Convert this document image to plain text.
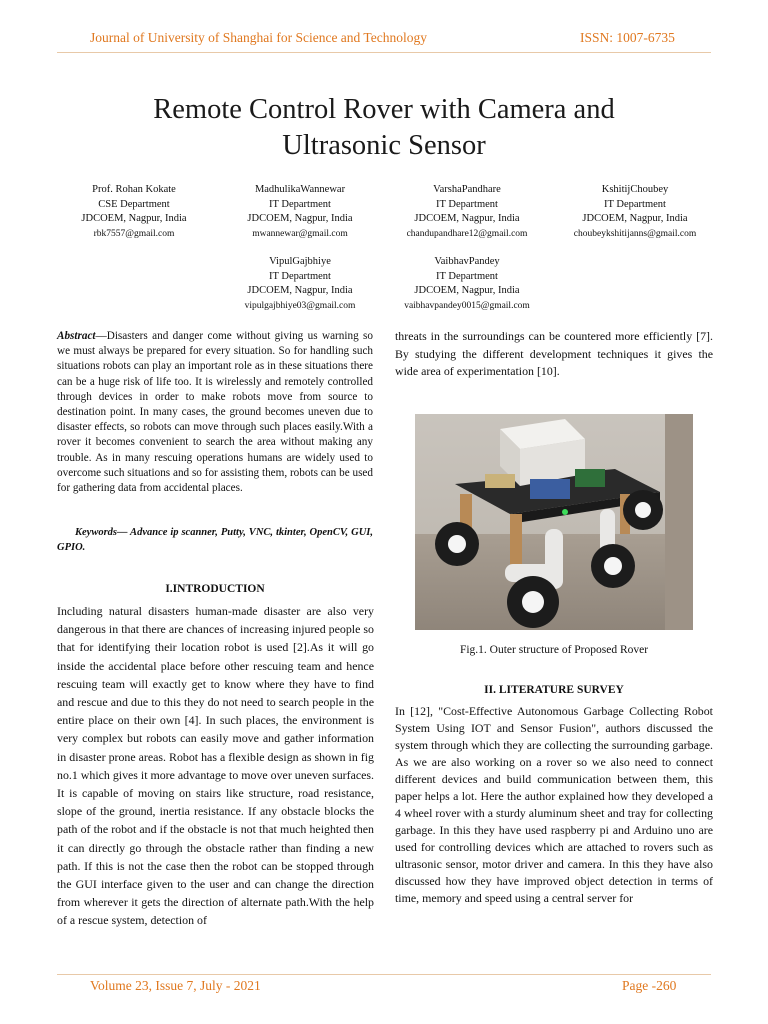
Journal of University of Shanghai for Science and Technology	ISSN: 1007-6735
Remote Control Rover with Camera and
Ultrasonic Sensor
Prof. Rohan Kokate
CSE Department
JDCOEM, Nagpur, India
rbk7557@gmail.com
MadhulikaWannewar
IT Department
JDCOEM, Nagpur, India
mwannewar@gmail.com
VarshaPandhare
IT Department
JDCOEM, Nagpur, India
chandupandhare12@gmail.com
KshitijChoubey
IT Department
JDCOEM, Nagpur, India
choubeykshitijanns@gmail.com
VipulGajbhiye
IT Department
JDCOEM, Nagpur, India
vipulgajbhiye03@gmail.com
VaibhavPandey
IT Department
JDCOEM, Nagpur, India
vaibhavpandey0015@gmail.com
Abstract—Disasters and danger come without giving us warning so we must always be prepared for every situation. So for handling such situations robots can play an important role as in these situations there can be a huge risk of life too. It is wirelessly and remotely controlled through devices in order to make robots move from source to destination point. In many cases, the ground becomes uneven due to disaster effects, so robots can move through such places easily.With a rover it becomes convenient to search the area without making any trouble. As in many rescuing operations humans are widely used to overcome such situations and so for assisting them, robots can be used for gathering data from accidental places.
Keywords— Advance ip scanner, Putty, VNC, tkinter, OpenCV, GUI, GPIO.
I.INTRODUCTION
Including natural disasters human-made disaster are also very dangerous in that there are chances of increasing injured people so that for identifying their location robot is used [2].As it will go inside the accidental place before other rescuing team and hence rescuing team will exactly get to know where they have to find and rescue and due to this they do not need to search people in the entire place on their own [4]. In such places, the environment is very complex but robots can easily move and gather information in disaster prone areas. Robot has a flexible design as shown in fig no.1 which gives it more advantage to move over uneven surfaces. It is capable of moving on stairs like structure, road resistance, slope of the ground, inertia resistance. If any obstacle blocks the path of the robot and if the obstacle is not that much heighted then it can directly go through the obstacle rather than finding a new path. If this is not the case then the robot can be stopped through the GUI interface given to the user and can change the direction from wherever it gets the direction of alternate path.With the help of a rescue system, detection of
threats in the surroundings can be countered more efficiently [7]. By studying the different development techniques it gives the wide area of experimentation [10].
Fig.1. Outer structure of Proposed Rover
II. LITERATURE SURVEY
In [12], "Cost-Effective Autonomous Garbage Collecting Robot System Using IOT and Sensor Fusion", authors discussed the system through which they are collecting the surrounding garbage. As we are also working on a rover so we also need to connect different devices and build communication between them, this paper helps a lot. Here the author explained how they developed a 4 wheel rover with a sturdy aluminum sheet and tray for collecting garbage. In this they have used raspberry pi and Arduino uno are used for controlling devices which are attached to rovers such as ultrasonic sensor, motor driver and camera. In this they have also discussed how they have improved object detection in terms of time, memory and speed using a central server for
Volume 23, Issue 7, July - 2021	Page -260
